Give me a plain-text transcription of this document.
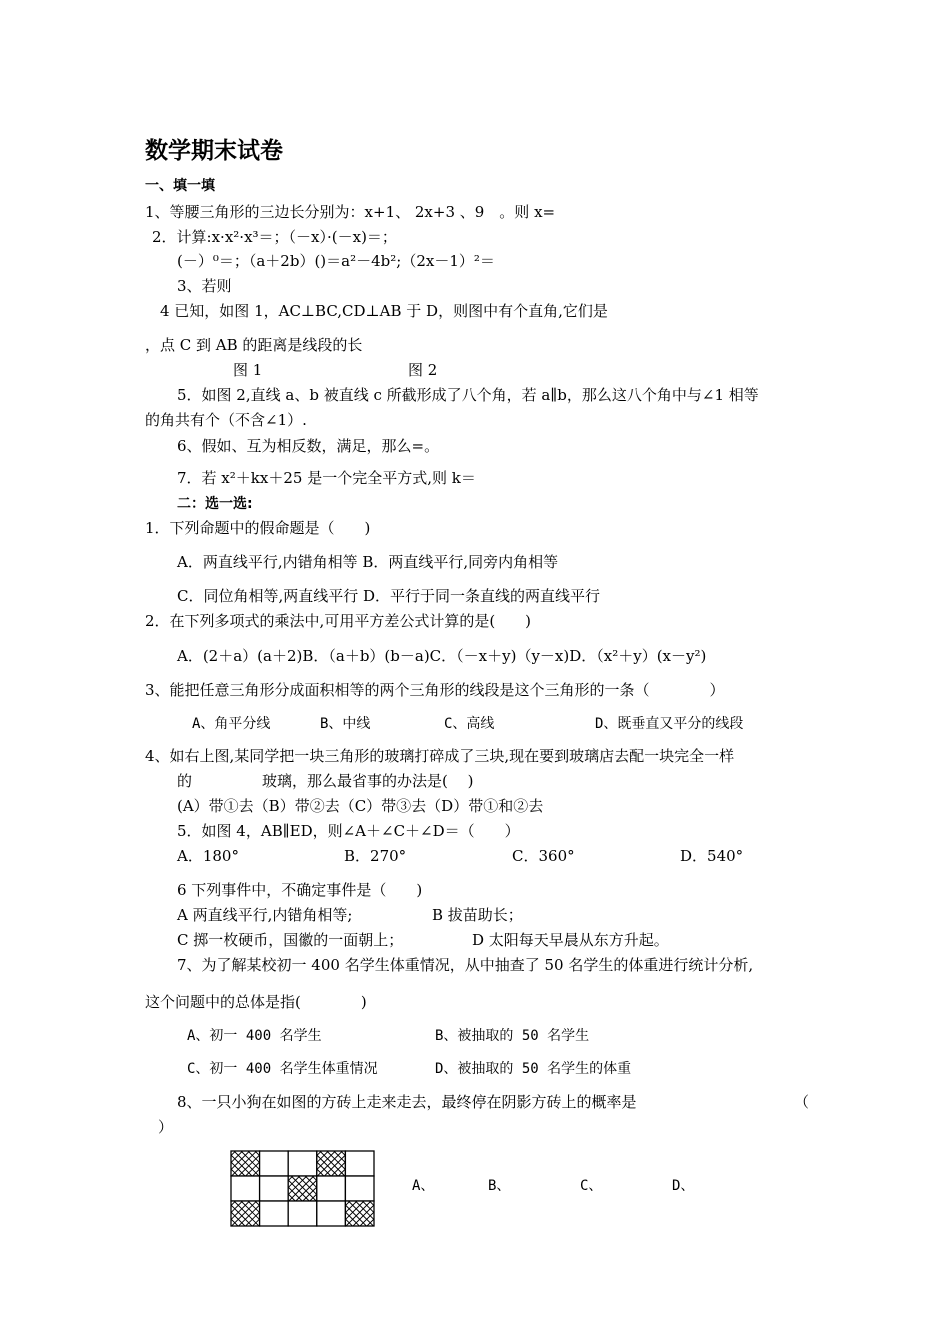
数学期末试卷
一、填一填
1、等腰三角形的三边长分别为：x+1、 2x+3 、9　。则 x=
2．计算:x·x²·x³＝；（－x）·(－x)＝；
(－）⁰＝；（a＋2b）()＝a²－4b²;（2x－1）²＝
3、若则
4 已知，如图 1，AC⊥BC,CD⊥AB 于 D，则图中有个直角,它们是
，点 C 到 AB 的距离是线段的长
图 1	图 2
5．如图 2,直线 a、b 被直线 c 所截形成了八个角，若 a∥b，那么这八个角中与∠1 相等
的角共有个（不含∠1）.
6、假如、互为相反数，满足，那么=。
7．若 x²＋kx＋25 是一个完全平方式,则 k＝
二：选一选:
1．下列命题中的假命题是（　　)
A．两直线平行,内错角相等 B．两直线平行,同旁内角相等
C．同位角相等,两直线平行 D．平行于同一条直线的两直线平行
2．在下列多项式的乘法中,可用平方差公式计算的是(　　)
A．(2＋a）(a＋2)B．（a＋b）(b－a)C．（－x＋y)（y－x)D．（x²＋y）(x－y²)
3、能把任意三角形分成面积相等的两个三角形的线段是这个三角形的一条（　　　　）
A、角平分线	B、中线	C、高线	D、既垂直又平分的线段
4、如右上图,某同学把一块三角形的玻璃打碎成了三块,现在要到玻璃店去配一块完全一样
的	玻璃，那么最省事的办法是(　 )
(A）带①去（B）带②去（C）带③去（D）带①和②去
5．如图 4，AB∥ED，则∠A＋∠C＋∠D＝（　　）
A．180°	B．270°	C．360°	D．540°
6 下列事件中，不确定事件是（　　)
A 两直线平行,内错角相等;	B 拔苗助长；
C 掷一枚硬币，国徽的一面朝上；	D 太阳每天早晨从东方升起。
7、为了解某校初一 400 名学生体重情况，从中抽查了 50 名学生的体重进行统计分析,
这个问题中的总体是指(　　　　)
A、初一 400 名学生	B、被抽取的 50 名学生
C、初一 400 名学生体重情况	D、被抽取的 50 名学生的体重
8、一只小狗在如图的方砖上走来走去，最终停在阴影方砖上的概率是	（
）
A、	B、	C、	D、
